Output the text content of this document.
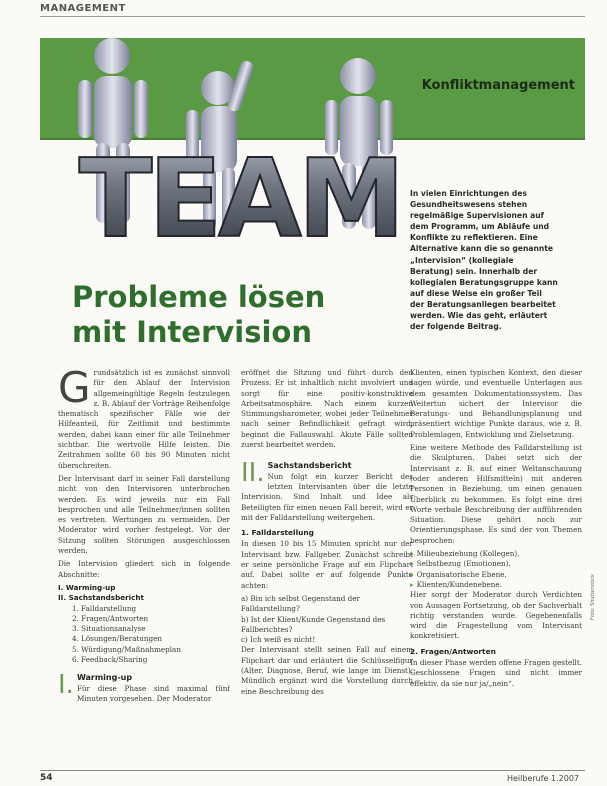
MANAGEMENT
TEAM
Konfliktmanagement
In vielen Einrichtungen des Gesundheitswesens stehen regelmäßige Supervisionen auf dem Programm, um Abläufe und Konflikte zu reflektieren. Eine Alternative kann die so genannte „Intervision“ (kollegiale Beratung) sein. Innerhalb der kollegialen Beratungsgruppe kann auf diese Weise ein großer Teil der Beratungsanliegen bearbeitet werden. Wie das geht, erläutert der folgende Beitrag.
Probleme lösen
mit Intervision

Grundsätzlich ist es zunächst sinnvoll für den Ablauf der Intervision allgemeingültige Regeln festzulegen z. B. Ablauf der Vorträge Reihenfolge thematisch spezifischer Fälle wie der Hilfeanteil, für Zeitlimit und bestimmte werden, dabei kann einer für alle Teilnehmer sichtbar. Die wertvolle Hilfe leisten. Die Zeitrahmen sollte 60 bis 90 Minuten nicht überschreiten.

Der Intervisant darf in seiner Fall darstellung nicht von den Intervisoren unterbrochen werden. Es wird jeweils nur ein Fall besprochen und alle Teilnehmer/innen sollten es vertreten. Wertungen zu vermeiden. Der Moderator wird vorher festgelegt. Vor der Sitzung sollten Störungen ausgeschlossen werden.

Die Intervision gliedert sich in folgende Abschnitte:

I. Warming-up
II. Sachstandsbericht
1. Falldarstellung
2. Fragen/Antworten
3. Situationsanalyse
4. Lösungen/Beratungen
5. Würdigung/Maßnahmeplan
6. Feedback/Sharing
I. Warming-up

Für diese Phase sind maximal fünf Minuten vorgesehen. Der Moderator

eröffnet die Sitzung und führt durch den Prozess. Er ist inhaltlich nicht involviert und sorgt für eine positiv-konstruktive Arbeitsatmosphäre. Nach einem kurzen Stimmungsbarometer, wobei jeder Teilnehmer nach seiner Befindlichkeit gefragt wird, beginnt die Fallauswahl. Akute Fälle sollten zuerst bearbeitet werden.

II. Sachstandsbericht

Nun folgt ein kurzer Bericht des letzten Intervisanten über die letzte Intervision. Sind Inhalt und Idee als Beteiligten für einen neuen Fall bereit, wird er mit der Falldarstellung weitergehen.

1. Falldarstellung

In diesen 10 bis 15 Minuten spricht nur der Intervisant bzw. Fallgeber. Zunächst schreibt er seine persönliche Frage auf ein Flipchart auf. Dabei sollte er auf folgende Punkte achten:

a) Bin ich selbst Gegenstand der Falldarstellung?
b) Ist der Klient/Kunde Gegenstand des Fallberichtes?
c) Ich weiß es nicht!

Der Intervisant stellt seinen Fall auf einem Flipchart dar und erläutert die Schlüsselfigur (Alter, Diagnose, Beruf, wie lange im Dienst). Mündlich ergänzt wird die Vorstellung durch eine Beschreibung des

Klienten, einen typischen Kontext, den dieser sagen würde, und eventuelle Unterlagen aus dem gesamten Dokumentationssystem. Das Weitertun sichert der Intervisor die Beratungs- und Behandlungsplanung und präsentiert wichtige Punkte daraus, wie z. B. Problemlagen, Entwicklung und Zielsetzung.

Eine weitere Methode des Falldarstellung ist die Skulpturen. Dabei setzt sich der Intervisant z. B. auf einer Weltanschauung (oder anderen Hilfsmitteln) mit anderen Personen in Beziehung, um einen genauen Überblick zu bekommen. Es folgt eine drei Worte verbale Beschreibung der aufführenden Situation. Diese gehört noch zur Orientierungsphase. Es sind der von Themen besprochen:

▸ Milieubeziehung (Kollegen),
▸ Selbstbezug (Emotionen),
▸ Organisatorische Ebene,
▸ Klienten/Kundenebene.

Hier sorgt der Moderator durch Verdichten von Aussagen Fortsetzung, ob der Sachverhalt richtig verstanden wurde. Gegebenenfalls wird die Fragestellung vom Intervisant konkretisiert.

2. Fragen/Antworten

In dieser Phase werden offene Fragen gestellt. Geschlossene Fragen sind nicht immer effektiv, da sie nur ja/„nein“.

Foto: Shutterstock
54	Heilberufe 1.2007
